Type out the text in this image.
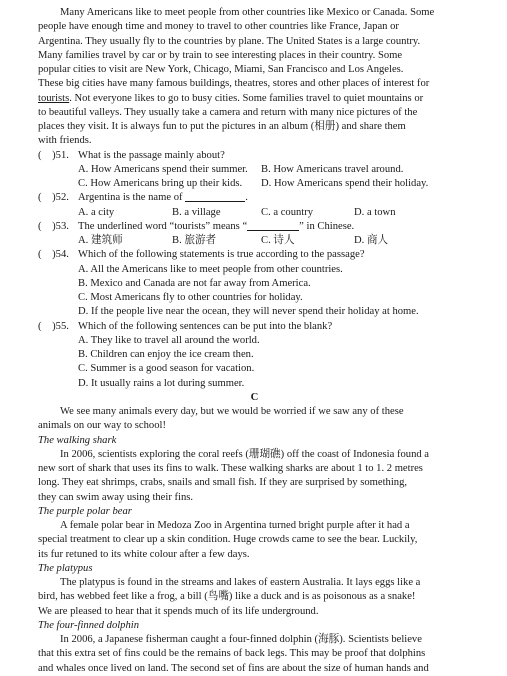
Many Americans like to meet people from other countries like Mexico or Canada. Some

people have enough time and money to travel to other countries like France, Japan or

Argentina. They usually fly to the countries by plane. The United States is a large country.

Many families travel by car or by train to see interesting places in their country. Some

popular cities to visit are New York, Chicago, Miami, San Francisco and Los Angeles.

These big cities have many famous buildings, theatres, stores and other places of interest for

tourists. Not everyone likes to go to busy cities. Some families travel to quiet mountains or

to beautiful valleys. They usually take a camera and return with many nice pictures of the

places they visit. It is always fun to put the pictures in an album (相册) and share them

with friends.

(    )51. What is the passage mainly about?
A. How Americans spend their summer.	B. How Americans travel around.
C. How Americans bring up their kids.	D. How Americans spend their holiday.
(    )52. Argentina is the name of
	.
A. a city	B. a village	C. a country	D. a town
(    )53. The underlined word “tourists” means “	” in Chinese.
A. 建筑师	B. 旅游者	C. 诗人	D. 商人
(    )54. Which of the following statements is true according to the passage?
A. All the Americans like to meet people from other countries.
B. Mexico and Canada are not far away from America.
C. Most Americans fly to other countries for holiday.
D. If the people live near the ocean, they will never spend their holiday at home.
(    )55. Which of the following sentences can be put into the blank?
A. They like to travel all around the world.
B. Children can enjoy the ice cream then.
C. Summer is a good season for vacation.
D. It usually rains a lot during summer.

C

We see many animals every day, but we would be worried if we saw any of these

animals on our way to school!

The walking shark

In 2006, scientists exploring the coral reefs (珊瑚礁) off the coast of Indonesia found a

new sort of shark that uses its fins to walk. These walking sharks are about 1 to 1. 2 metres

long. They eat shrimps, crabs, snails and small fish. If they are surprised by something,

they can swim away using their fins.

The purple polar bear

A female polar bear in Medoza Zoo in Argentina turned bright purple after it had a

special treatment to clear up a skin condition. Huge crowds came to see the bear. Luckily,

its fur retuned to its white colour after a few days.

The platypus

The platypus is found in the streams and lakes of eastern Australia. It lays eggs like a

bird, has webbed feet like a frog, a bill (鸟嘴) like a duck and is as poisonous as a snake!

We are pleased to hear that it spends much of its life underground.

The four-finned dolphin

In 2006, a Japanese fisherman caught a four-finned dolphin (海豚). Scientists believe

that this extra set of fins could be the remains of back legs. This may be proof that dolphins

and whales once lived on land. The second set of fins are about the size of human hands and
